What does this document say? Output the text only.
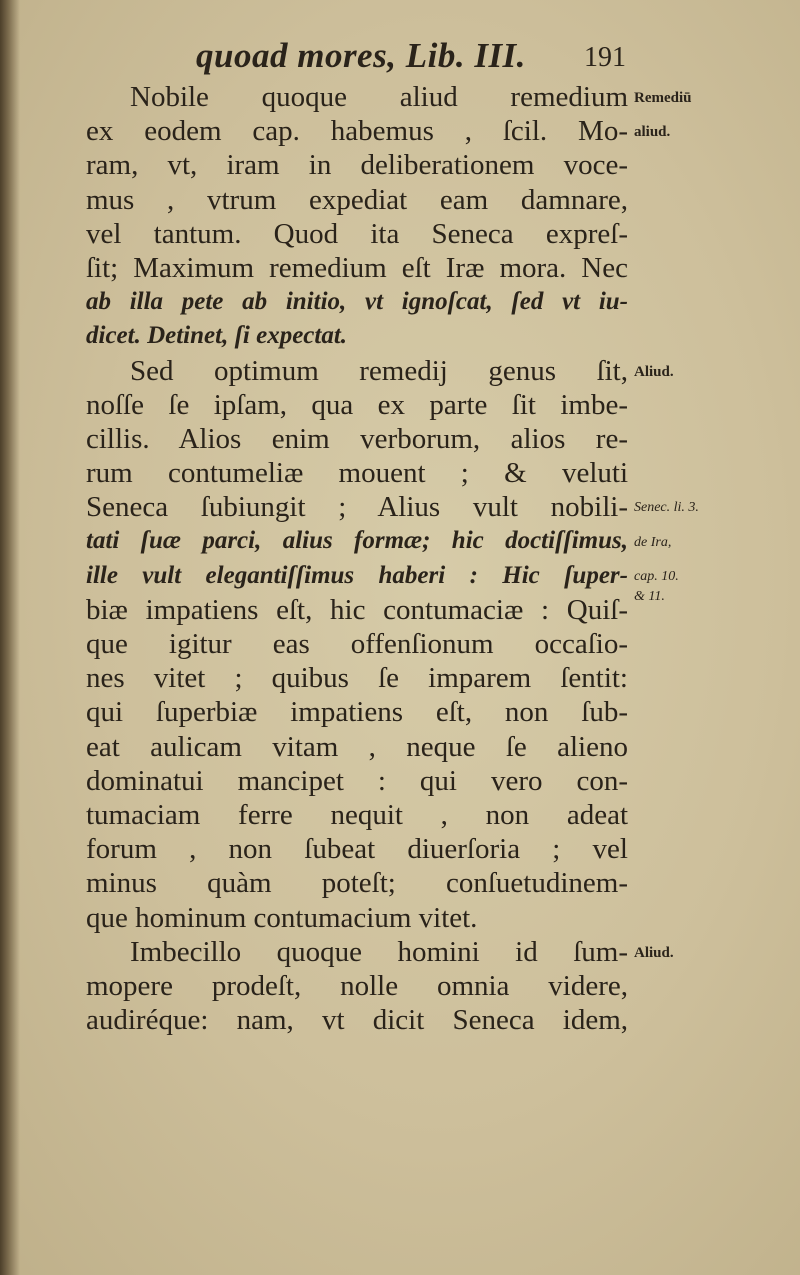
quoad mores, Lib. III. 191
Nobile quoque aliud remedium
ex eodem cap. habemus , ſcil. Mo-
ram, vt, iram in deliberationem voce-
mus , vtrum expediat eam damnare,
vel tantum. Quod ita Seneca expreſ-
ſit; Maximum remedium eſt Iræ mora. Nec
ab illa pete ab initio, vt ignoſcat, ſed vt iu-
dicet. Detinet, ſi expectat.
Sed optimum remedij genus ſit,
noſſe ſe ipſam, qua ex parte ſit imbe-
cillis. Alios enim verborum, alios re-
rum contumeliæ mouent ; & veluti
Seneca ſubiungit ; Alius vult nobili-
tati ſuæ parci, alius formæ; hic doctiſſimus,
ille vult elegantiſſimus haberi : Hic ſuper-
biæ impatiens eſt, hic contumaciæ : Quiſ-
que igitur eas offenſionum occaſio-
nes vitet ; quibus ſe imparem ſentit:
qui ſuperbiæ impatiens eſt, non ſub-
eat aulicam vitam , neque ſe alieno
dominatui mancipet : qui vero con-
tumaciam ferre nequit , non adeat
forum , non ſubeat diuerſoria ; vel
minus quàm poteſt; conſuetudinem-
que hominum contumacium vitet.
Imbecillo quoque homini id ſum-
mopere prodeſt, nolle omnia videre,
audiréque: nam, vt dicit Seneca idem,
Remediū
aliud.
Aliud.
Senec. li. 3.
de Ira,
cap. 10.
& 11.
Aliud.
